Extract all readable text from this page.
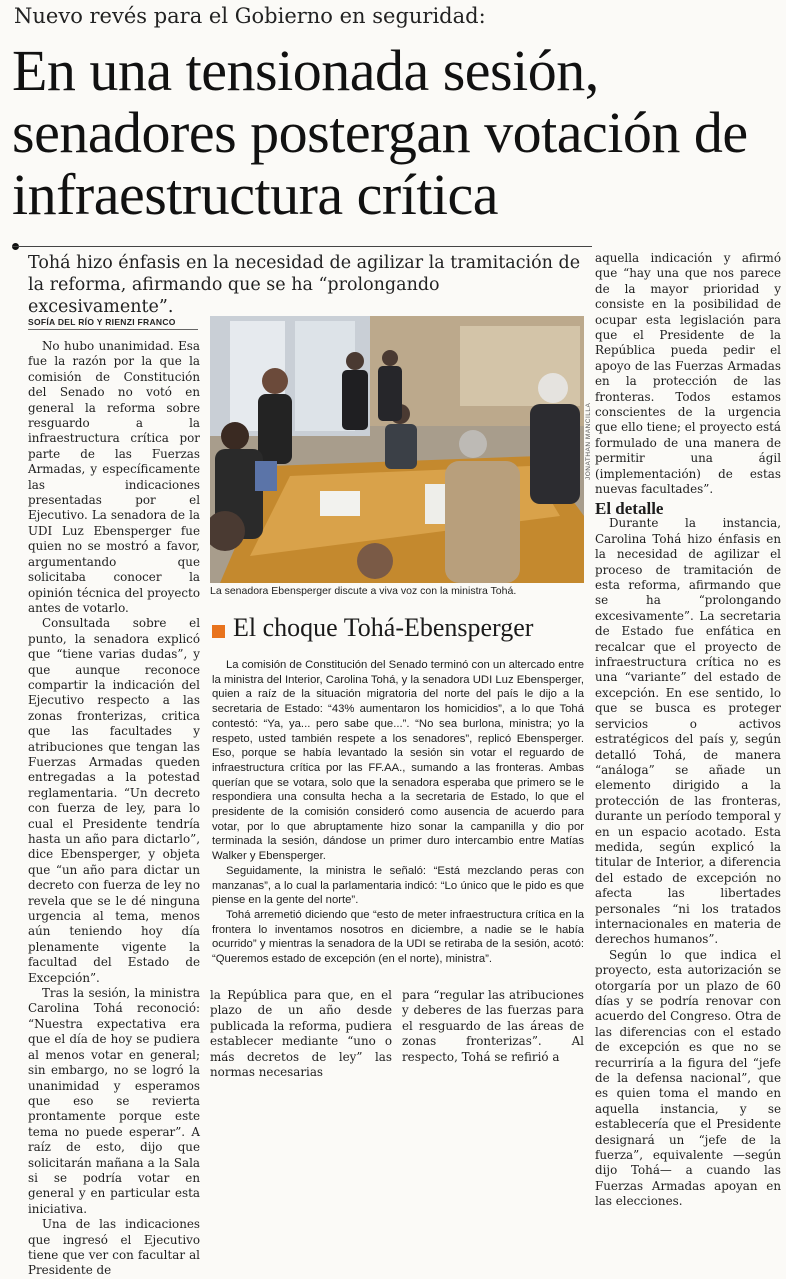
Nuevo revés para el Gobierno en seguridad:
En una tensionada sesión, senadores postergan votación de infraestructura crítica
Tohá hizo énfasis en la necesidad de agilizar la tramitación de la reforma, afirmando que se ha “prolongando excesivamente”.
SOFÍA DEL RÍO Y RIENZI FRANCO

No hubo unanimidad. Esa fue la razón por la que la comisión de Constitución del Senado no votó en general la reforma sobre resguardo a la infraestructura crítica por parte de las Fuerzas Armadas, y específicamente las indicaciones presentadas por el Ejecutivo. La senadora de la UDI Luz Ebensperger fue quien no se mostró a favor, argumentando que solicitaba conocer la opinión técnica del proyecto antes de votarlo.

Consultada sobre el punto, la senadora explicó que “tiene varias dudas”, y que aunque reconoce compartir la indicación del Ejecutivo respecto a las zonas fronterizas, critica que las facultades y atribuciones que tengan las Fuerzas Armadas queden entregadas a la potestad reglamentaria. “Un decreto con fuerza de ley, para lo cual el Presidente tendría hasta un año para dictarlo”, dice Ebensperger, y objeta que “un año para dictar un decreto con fuerza de ley no revela que se le dé ninguna urgencia al tema, menos aún teniendo hoy día plenamente vigente la facultad del Estado de Excepción”.

Tras la sesión, la ministra Carolina Tohá reconoció: “Nuestra expectativa era que el día de hoy se pudiera al menos votar en general; sin embargo, no se logró la unanimidad y esperamos que eso se revierta prontamente porque este tema no puede esperar”. A raíz de esto, dijo que solicitarán mañana a la Sala si se podría votar en general y en particular esta iniciativa.

Una de las indicaciones que ingresó el Ejecutivo tiene que ver con facultar al Presidente de

JONATHAN MANCILLA
La senadora Ebensperger discute a viva voz con la ministra Tohá.
El choque Tohá-Ebensperger

La comisión de Constitución del Senado terminó con un altercado entre la ministra del Interior, Carolina Tohá, y la senadora UDI Luz Ebensperger, quien a raíz de la situación migratoria del norte del país le dijo a la secretaria de Estado: “43% aumentaron los homicidios”, a lo que Tohá contestó: “Ya, ya... pero sabe que...”. “No sea burlona, ministra; yo la respeto, usted también respete a los senadores”, replicó Ebensperger. Eso, porque se había levantado la sesión sin votar el reguardo de infraestructura crítica por las FF.AA., sumando a las fronteras. Ambas querían que se votara, solo que la senadora esperaba que primero se le respondiera una consulta hecha a la secretaria de Estado, lo que el presidente de la comisión consideró como ausencia de acuerdo para votar, por lo que abruptamente hizo sonar la campanilla y dio por terminada la sesión, dándose un primer duro intercambio entre Matías Walker y Ebensperger.

Seguidamente, la ministra le señaló: “Está mezclando peras con manzanas”, a lo cual la parlamentaria indicó: “Lo único que le pido es que piense en la gente del norte”.

Tohá arremetió diciendo que “esto de meter infraestructura crítica en la frontera lo inventamos nosotros en diciembre, a nadie se le había ocurrido” y mientras la senadora de la UDI se retiraba de la sesión, acotó: “Queremos estado de excepción (en el norte), ministra”.

la República para que, en el plazo de un año desde publicada la reforma, pudiera establecer mediante “uno o más decretos de ley” las normas necesarias

para “regular las atribuciones y deberes de las fuerzas para el resguardo de las áreas de zonas fronterizas”. Al respecto, Tohá se refirió a

aquella indicación y afirmó que “hay una que nos parece de la mayor prioridad y consiste en la posibilidad de ocupar esta legislación para que el Presidente de la República pueda pedir el apoyo de las Fuerzas Armadas en la protección de las fronteras. Todos estamos conscientes de la urgencia que ello tiene; el proyecto está formulado de una manera de permitir una ágil (implementación) de estas nuevas facultades”.

El detalle

Durante la instancia, Carolina Tohá hizo énfasis en la necesidad de agilizar el proceso de tramitación de esta reforma, afirmando que se ha “prolongando excesivamente”. La secretaria de Estado fue enfática en recalcar que el proyecto de infraestructura crítica no es una “variante” del estado de excepción. En ese sentido, lo que se busca es proteger servicios o activos estratégicos del país y, según detalló Tohá, de manera “análoga” se añade un elemento dirigido a la protección de las fronteras, durante un período temporal y en un espacio acotado. Esta medida, según explicó la titular de Interior, a diferencia del estado de excepción no afecta las libertades personales “ni los tratados internacionales en materia de derechos humanos”.

Según lo que indica el proyecto, esta autorización se otorgaría por un plazo de 60 días y se podría renovar con acuerdo del Congreso. Otra de las diferencias con el estado de excepción es que no se recurriría a la figura del “jefe de la defensa nacional”, que es quien toma el mando en aquella instancia, y se establecería que el Presidente designará un “jefe de la fuerza”, equivalente —según dijo Tohá— a cuando las Fuerzas Armadas apoyan en las elecciones.
